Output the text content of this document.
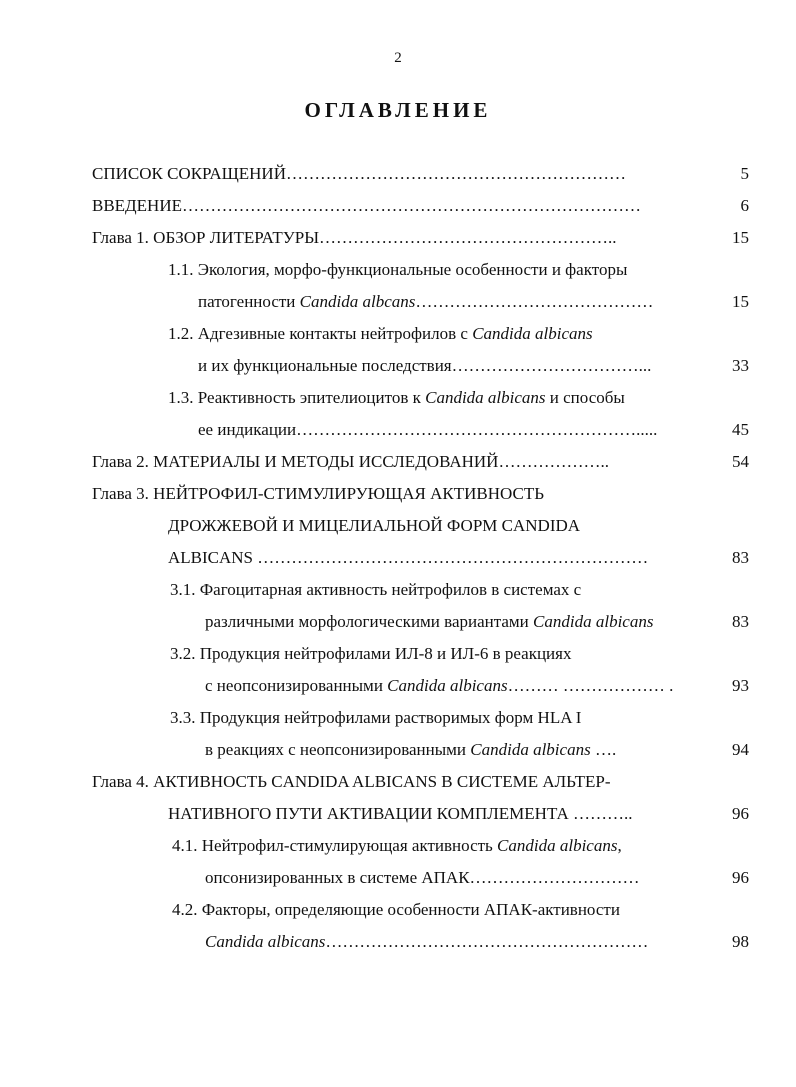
2
ОГЛАВЛЕНИЕ
СПИСОК СОКРАЩЕНИЙ……………………………………………………	5
ВВЕДЕНИЕ………………………………………………………………………	6
Глава 1. ОБЗОР ЛИТЕРАТУРЫ……………………………………………..	15
1.1. Экология, морфо-функциональные особенности и факторы
патогенности Candida albcans……………………………………	15
1.2. Адгезивные контакты нейтрофилов с Candida albicans
и их функциональные последствия……………………………...	33
1.3. Реактивность эпителиоцитов к Candida albicans и способы
ее индикации…………………………………………………….....	45
Глава 2. МАТЕРИАЛЫ И МЕТОДЫ ИССЛЕДОВАНИЙ………………..	54
Глава 3. НЕЙТРОФИЛ-СТИМУЛИРУЮЩАЯ АКТИВНОСТЬ
ДРОЖЖЕВОЙ И МИЦЕЛИАЛЬНОЙ ФОРМ CANDIDA
ALBICANS ……………………………………………………………	83
3.1. Фагоцитарная активность нейтрофилов в системах с
различными морфологическими вариантами Candida albicans	83
3.2. Продукция нейтрофилами ИЛ-8 и ИЛ-6 в реакциях
с неопсонизированными Candida albicans……… ……………… .	93
3.3. Продукция нейтрофилами растворимых форм HLA I
в реакциях с неопсонизированными Candida albicans ….	94
Глава 4. АКТИВНОСТЬ CANDIDA ALBICANS В СИСТЕМЕ АЛЬТЕР-
НАТИВНОГО ПУТИ АКТИВАЦИИ КОМПЛЕМЕНТА ………..	96
4.1. Нейтрофил-стимулирующая активность Candida albicans,
опсонизированных в системе АПАК…………………………	96
4.2. Факторы, определяющие особенности АПАК-активности
Candida albicans…………………………………………………	98
